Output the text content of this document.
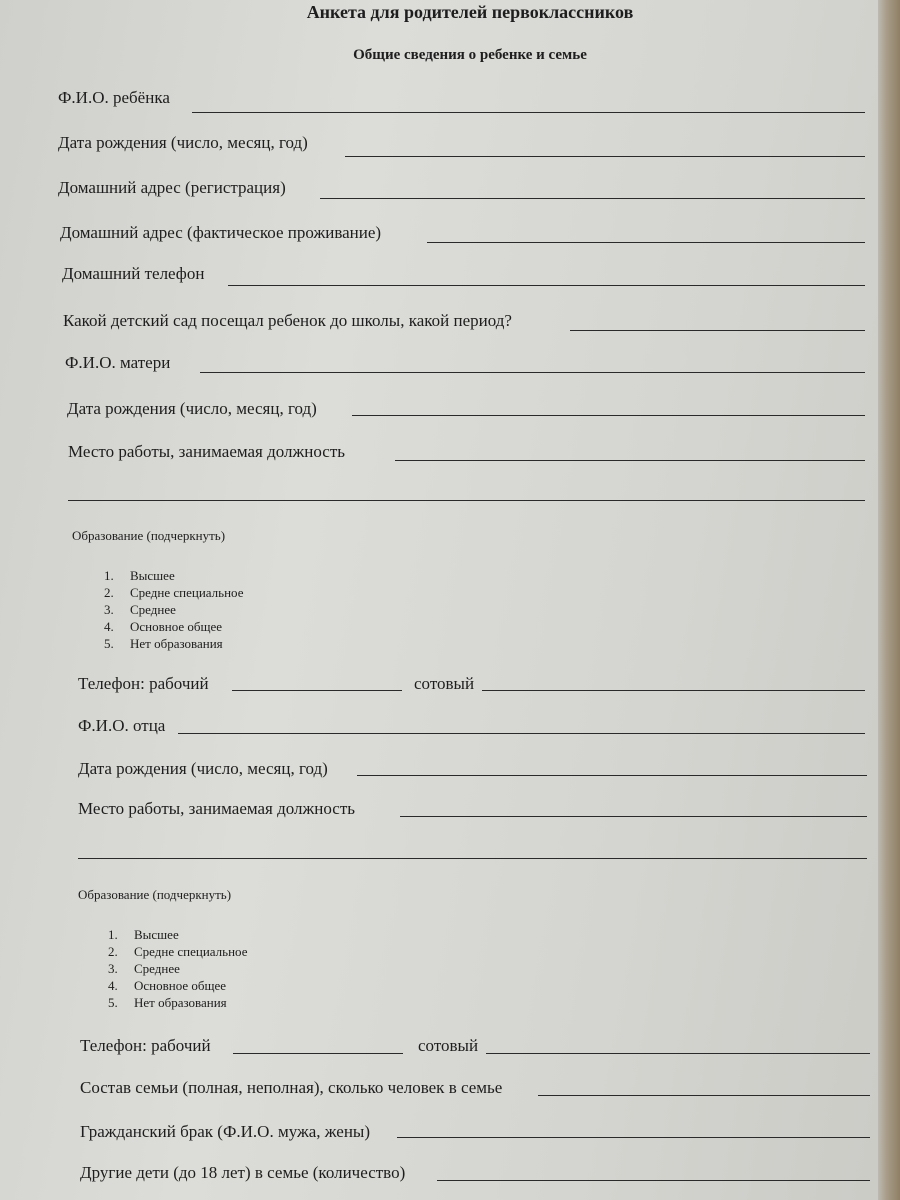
Анкета для родителей первоклассников
Общие сведения о ребенке и семье
Ф.И.О. ребёнка
Дата рождения (число, месяц, год)
Домашний адрес (регистрация)
Домашний адрес (фактическое проживание)
Домашний телефон
Какой детский сад посещал ребенок до школы, какой период?
Ф.И.О. матери
Дата рождения (число, месяц, год)
Место работы, занимаемая должность
Образование (подчеркнуть)
1. Высшее
2. Средне специальное
3. Среднее
4. Основное общее
5. Нет образования
Телефон: рабочий	сотовый
Ф.И.О. отца
Дата рождения (число, месяц, год)
Место работы, занимаемая должность
Образование (подчеркнуть)
1. Высшее
2. Средне специальное
3. Среднее
4. Основное общее
5. Нет образования
Телефон: рабочий	сотовый
Состав семьи (полная, неполная), сколько человек в семье
Гражданский брак (Ф.И.О. мужа, жены)
Другие дети (до 18 лет) в семье (количество)
